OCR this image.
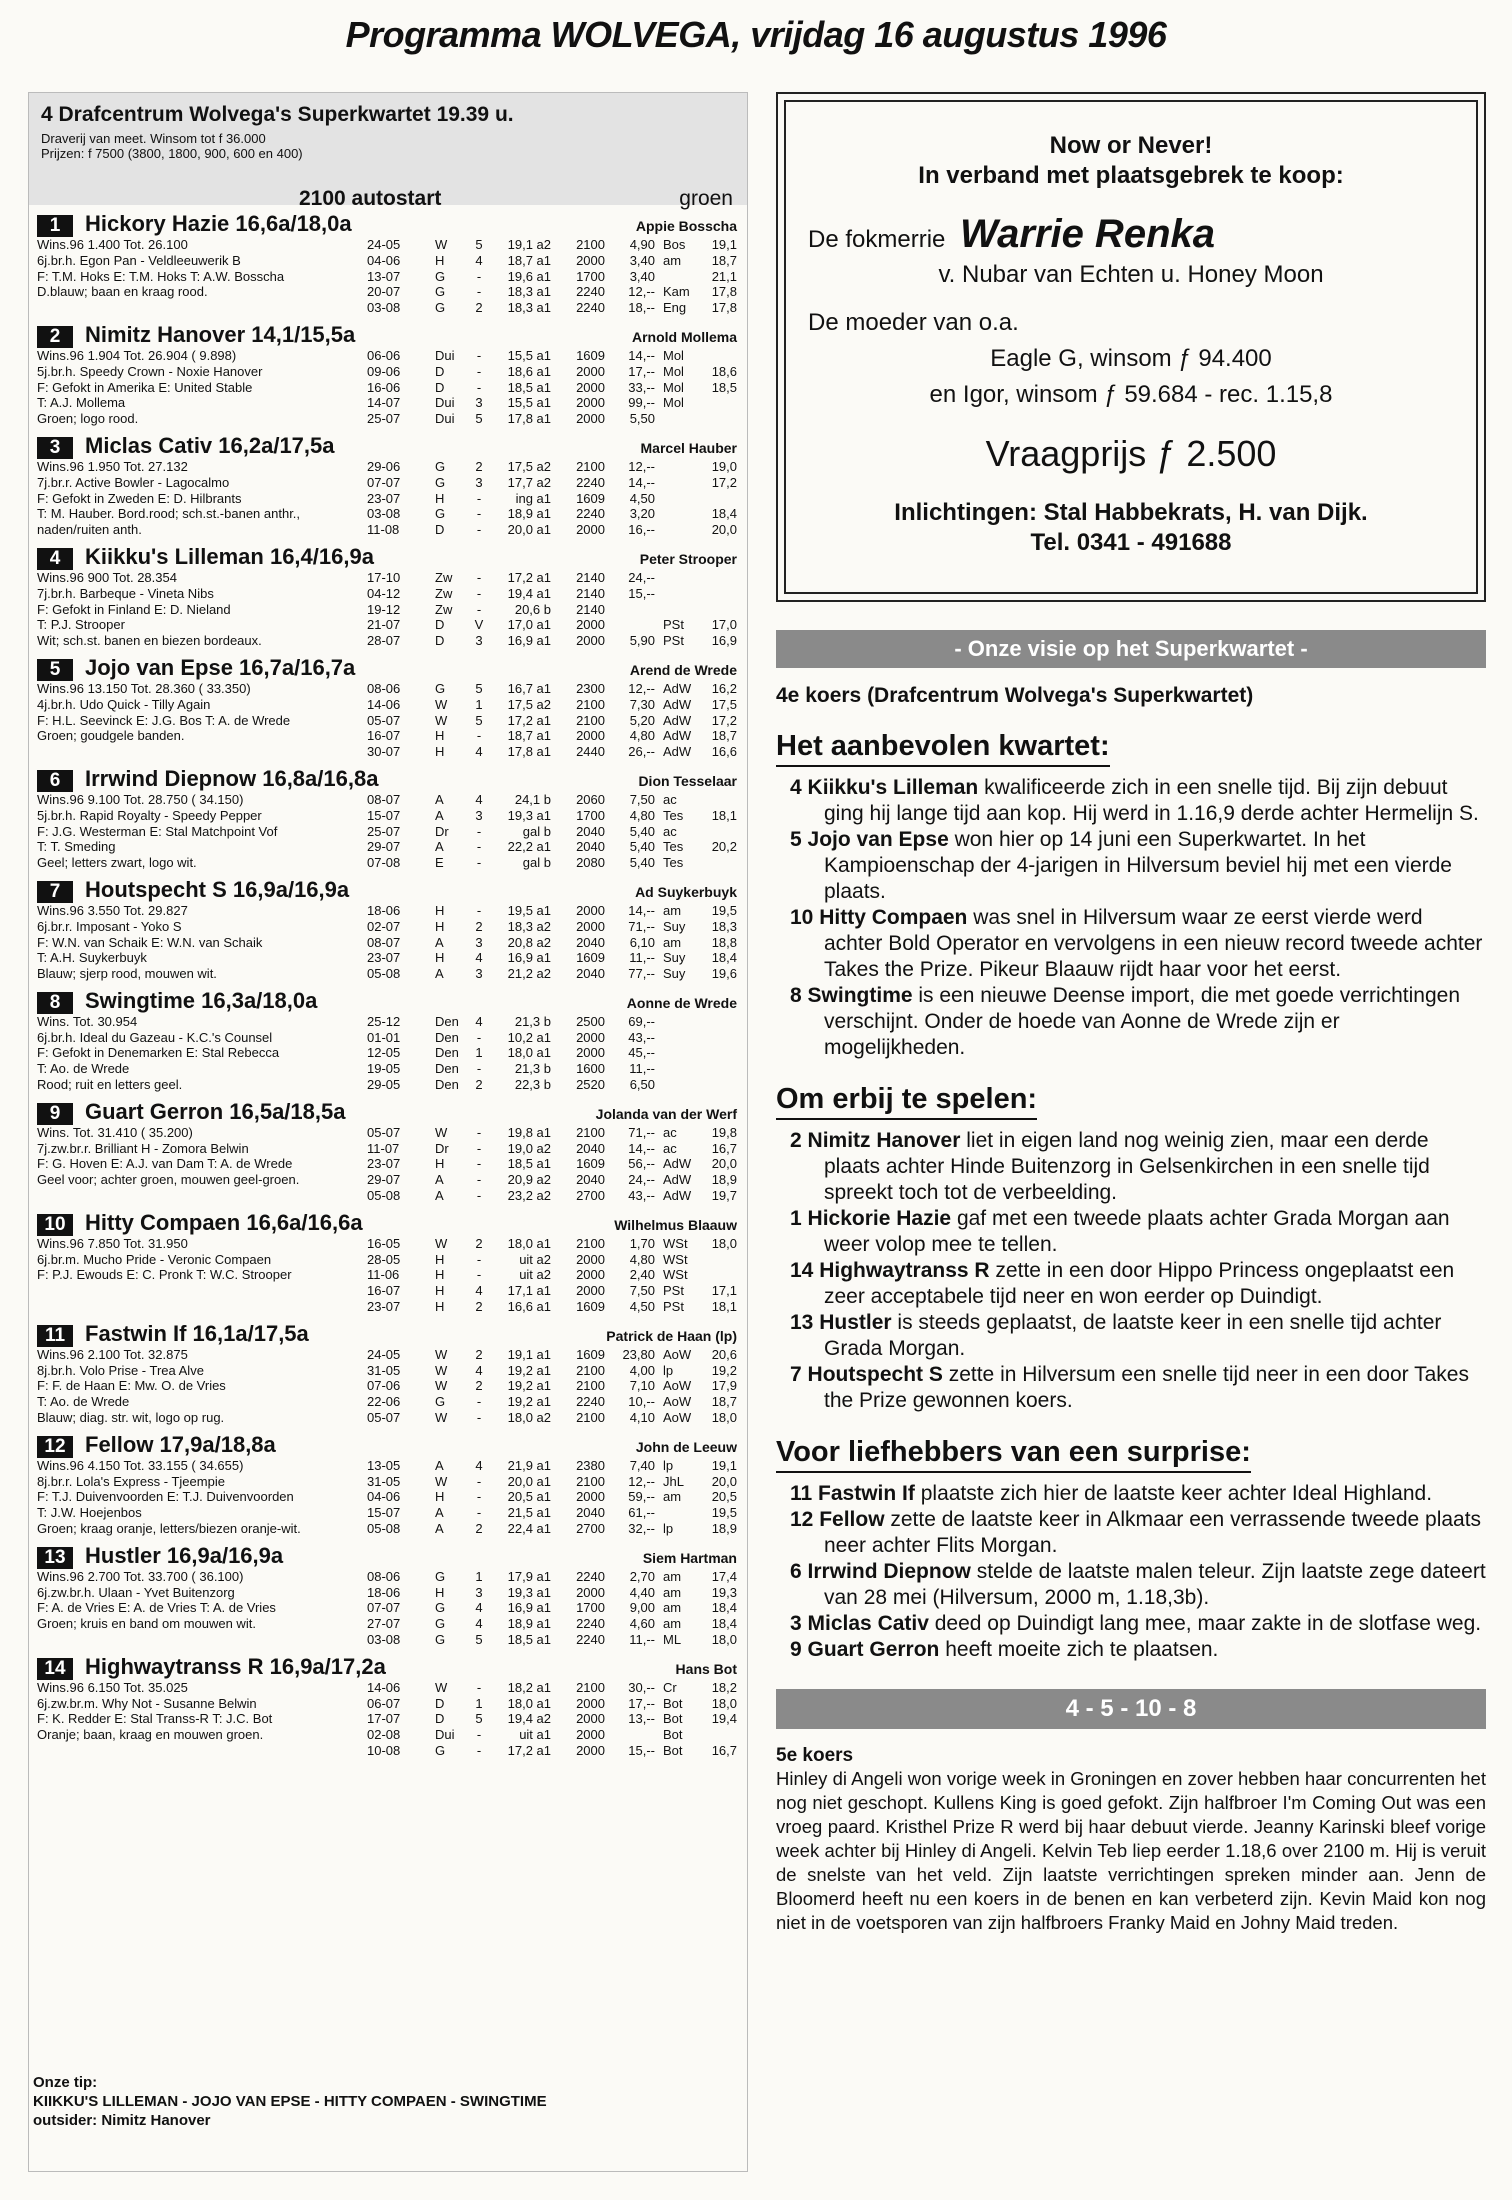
Programma WOLVEGA, vrijdag 16 augustus 1996
4 Drafcentrum Wolvega's Superkwartet 19.39 u.
Draverij van meet. Winsom tot f 36.000
Prijzen: f 7500 (3800, 1800, 900, 600 en 400)
2100 autostart	groen
1	Hickory Hazie 16,6a/18,0a	Appie Bosscha
Wins.96 1.400 Tot. 26.100
6j.br.h. Egon Pan - Veldleeuwerik B
F: T.M. Hoks E: T.M. Hoks T: A.W. Bosscha
D.blauw; baan en kraag rood.
24-05	W	5	19,1 a2	2100	4,90 Bos	19,1
04-06	H	4	18,7 a1	2000	3,40 am	18,7
13-07	G	-	19,6 a1	1700	3,40	21,1
20-07	G	-	18,3 a1	2240	12,-- Kam	17,8
03-08	G	2	18,3 a1	2240	18,-- Eng	17,8
2	Nimitz Hanover 14,1/15,5a	Arnold Mollema
Wins.96 1.904 Tot. 26.904 ( 9.898)
5j.br.h. Speedy Crown - Noxie Hanover
F: Gefokt in Amerika E: United Stable
T: A.J. Mollema
Groen; logo rood.
06-06	Dui	-	15,5 a1	1609	14,-- Mol
09-06	D	-	18,6 a1	2000	17,-- Mol	18,6
16-06	D	-	18,5 a1	2000	33,-- Mol	18,5
14-07	Dui	3	15,5 a1	2000	99,-- Mol
25-07	Dui	5	17,8 a1	2000	5,50
3	Miclas Cativ 16,2a/17,5a	Marcel Hauber
Wins.96 1.950 Tot. 27.132
7j.br.r. Active Bowler - Lagocalmo
F: Gefokt in Zweden E: D. Hilbrants
T: M. Hauber. Bord.rood; sch.st.-banen anthr.,
naden/ruiten anth.
29-06	G	2	17,5 a2	2100	12,--	19,0
07-07	G	3	17,7 a2	2240	14,--	17,2
23-07	H	-	ing a1	1609	4,50
03-08	G	-	18,9 a1	2240	3,20	18,4
11-08	D	-	20,0 a1	2000	16,--	20,0
4	Kiikku's Lilleman 16,4/16,9a	Peter Strooper
Wins.96 900 Tot. 28.354
7j.br.h. Barbeque - Vineta Nibs
F: Gefokt in Finland E: D. Nieland
T: P.J. Strooper
Wit; sch.st. banen en biezen bordeaux.
17-10	Zw	-	17,2 a1	2140	24,--
04-12	Zw	-	19,4 a1	2140	15,--
19-12	Zw	-	20,6 b	2140
21-07	D	V	17,0 a1	2000	PSt	17,0
28-07	D	3	16,9 a1	2000	5,90 PSt	16,9
5	Jojo van Epse 16,7a/16,7a	Arend de Wrede
Wins.96 13.150 Tot. 28.360 ( 33.350)
4j.br.h. Udo Quick - Tilly Again
F: H.L. Seevinck E: J.G. Bos T: A. de Wrede
Groen; goudgele banden.
08-06	G	5	16,7 a1	2300	12,-- AdW	16,2
14-06	W	1	17,5 a2	2100	7,30 AdW	17,5
05-07	W	5	17,2 a1	2100	5,20 AdW	17,2
16-07	H	-	18,7 a1	2000	4,80 AdW	18,7
30-07	H	4	17,8 a1	2440	26,-- AdW	16,6
6	Irrwind Diepnow 16,8a/16,8a	Dion Tesselaar
Wins.96 9.100 Tot. 28.750 ( 34.150)
5j.br.h. Rapid Royalty - Speedy Pepper
F: J.G. Westerman E: Stal Matchpoint Vof
T: T. Smeding
Geel; letters zwart, logo wit.
08-07	A	4	24,1 b	2060	7,50 ac
15-07	A	3	19,3 a1	1700	4,80 Tes	18,1
25-07	Dr	-	gal b	2040	5,40 ac
29-07	A	-	22,2 a1	2040	5,40 Tes	20,2
07-08	E	-	gal b	2080	5,40 Tes
7	Houtspecht S 16,9a/16,9a	Ad Suykerbuyk
Wins.96 3.550 Tot. 29.827
6j.br.r. Imposant - Yoko S
F: W.N. van Schaik E: W.N. van Schaik
T: A.H. Suykerbuyk
Blauw; sjerp rood, mouwen wit.
18-06	H	-	19,5 a1	2000	14,-- am	19,5
02-07	H	2	18,3 a2	2000	71,-- Suy	18,3
08-07	A	3	20,8 a2	2040	6,10 am	18,8
23-07	H	4	16,9 a1	1609	11,-- Suy	18,4
05-08	A	3	21,2 a2	2040	77,-- Suy	19,6
8	Swingtime 16,3a/18,0a	Aonne de Wrede
Wins. Tot. 30.954
6j.br.h. Ideal du Gazeau - K.C.'s Counsel
F: Gefokt in Denemarken E: Stal Rebecca
T: Ao. de Wrede
Rood; ruit en letters geel.
25-12	Den	4	21,3 b	2500	69,--
01-01	Den	-	10,2 a1	2000	43,--
12-05	Den	1	18,0 a1	2000	45,--
19-05	Den	-	21,3 b	1600	11,--
29-05	Den	2	22,3 b	2520	6,50
9	Guart Gerron 16,5a/18,5a	Jolanda van der Werf
Wins. Tot. 31.410 ( 35.200)
7j.zw.br.r. Brilliant H - Zomora Belwin
F: G. Hoven E: A.J. van Dam T: A. de Wrede
Geel voor; achter groen, mouwen geel-groen.
05-07	W	-	19,8 a1	2100	71,-- ac	19,8
11-07	Dr	-	19,0 a2	2040	14,-- ac	16,7
23-07	H	-	18,5 a1	1609	56,-- AdW	20,0
29-07	A	-	20,9 a2	2040	24,-- AdW	18,9
05-08	A	-	23,2 a2	2700	43,-- AdW	19,7
10 Hitty Compaen 16,6a/16,6a	Wilhelmus Blaauw
Wins.96 7.850 Tot. 31.950
6j.br.m. Mucho Pride - Veronic Compaen
F: P.J. Ewouds E: C. Pronk T: W.C. Strooper
16-05	W	2	18,0 a1	2100	1,70 WSt	18,0
28-05	H	-	uit a2	2000	4,80 WSt
11-06	H	-	uit a2	2000	2,40 WSt
16-07	H	4	17,1 a1	2000	7,50 PSt	17,1
23-07	H	2	16,6 a1	1609	4,50 PSt	18,1
11 Fastwin If 16,1a/17,5a	Patrick de Haan (lp)
Wins.96 2.100 Tot. 32.875
8j.br.h. Volo Prise - Trea Alve
F: F. de Haan E: Mw. O. de Vries
T: Ao. de Wrede
Blauw; diag. str. wit, logo op rug.
24-05	W	2	19,1 a1	1609	23,80 AoW	20,6
31-05	W	4	19,2 a1	2100	4,00 lp	19,2
07-06	W	2	19,2 a1	2100	7,10 AoW	17,9
22-06	G	-	19,2 a1	2240	10,-- AoW	18,7
05-07	W	-	18,0 a2	2100	4,10 AoW	18,0
12 Fellow 17,9a/18,8a	John de Leeuw
Wins.96 4.150 Tot. 33.155 ( 34.655)
8j.br.r. Lola's Express - Tjeempie
F: T.J. Duivenvoorden E: T.J. Duivenvoorden
T: J.W. Hoejenbos
Groen; kraag oranje, letters/biezen oranje-wit.
13-05	A	4	21,9 a1	2380	7,40 lp	19,1
31-05	W	-	20,0 a1	2100	12,-- JhL	20,0
04-06	H	-	20,5 a1	2000	59,-- am	20,5
15-07	A	-	21,5 a1	2040	61,--	19,5
05-08	A	2	22,4 a1	2700	32,-- lp	18,9
13 Hustler 16,9a/16,9a	Siem Hartman
Wins.96 2.700 Tot. 33.700 ( 36.100)
6j.zw.br.h. Ulaan - Yvet Buitenzorg
F: A. de Vries E: A. de Vries T: A. de Vries
Groen; kruis en band om mouwen wit.
08-06	G	1	17,9 a1	2240	2,70 am	17,4
18-06	H	3	19,3 a1	2000	4,40 am	19,3
07-07	G	4	16,9 a1	1700	9,00 am	18,4
27-07	G	4	18,9 a1	2240	4,60 am	18,4
03-08	G	5	18,5 a1	2240	11,-- ML	18,0
14 Highwaytranss R 16,9a/17,2a	Hans Bot
Wins.96 6.150 Tot. 35.025
6j.zw.br.m. Why Not - Susanne Belwin
F: K. Redder E: Stal Transs-R T: J.C. Bot
Oranje; baan, kraag en mouwen groen.
14-06	W	-	18,2 a1	2100	30,-- Cr	18,2
06-07	D	1	18,0 a1	2000	17,-- Bot	18,0
17-07	D	5	19,4 a2	2000	13,-- Bot	19,4
02-08	Dui	-	uit a1	2000	Bot
10-08	G	-	17,2 a1	2000	15,-- Bot	16,7
Onze tip:
KIIKKU'S LILLEMAN - JOJO VAN EPSE - HITTY COMPAEN - SWINGTIME
outsider: Nimitz Hanover
Now or Never!
In verband met plaatsgebrek te koop:
De fokmerrie Warrie Renka
v. Nubar van Echten u. Honey Moon
De moeder van o.a.
Eagle G, winsom ƒ 94.400
en Igor, winsom ƒ 59.684 - rec. 1.15,8
Vraagprijs ƒ 2.500
Inlichtingen: Stal Habbekrats, H. van Dijk.
Tel. 0341 - 491688
- Onze visie op het Superkwartet -
4e koers (Drafcentrum Wolvega's Superkwartet)
Het aanbevolen kwartet:
4 Kiikku's Lilleman kwalificeerde zich in een snelle tijd. Bij zijn debuut ging hij lange tijd aan kop. Hij werd in 1.16,9 derde achter Hermelijn S.
5 Jojo van Epse won hier op 14 juni een Superkwartet. In het Kampioenschap der 4-jarigen in Hilversum beviel hij met een vierde plaats.
10 Hitty Compaen was snel in Hilversum waar ze eerst vierde werd achter Bold Operator en vervolgens in een nieuw record tweede achter Takes the Prize. Pikeur Blaauw rijdt haar voor het eerst.
8 Swingtime is een nieuwe Deense import, die met goede verrichtingen verschijnt. Onder de hoede van Aonne de Wrede zijn er mogelijkheden.
Om erbij te spelen:
2 Nimitz Hanover liet in eigen land nog weinig zien, maar een derde plaats achter Hinde Buitenzorg in Gelsenkirchen in een snelle tijd spreekt toch tot de verbeelding.
1 Hickorie Hazie gaf met een tweede plaats achter Grada Morgan aan weer volop mee te tellen.
14 Highwaytranss R zette in een door Hippo Princess ongeplaatst een zeer acceptabele tijd neer en won eerder op Duindigt.
13 Hustler is steeds geplaatst, de laatste keer in een snelle tijd achter Grada Morgan.
7 Houtspecht S zette in Hilversum een snelle tijd neer in een door Takes the Prize gewonnen koers.
Voor liefhebbers van een surprise:
11 Fastwin If plaatste zich hier de laatste keer achter Ideal Highland.
12 Fellow zette de laatste keer in Alkmaar een verrassende tweede plaats neer achter Flits Morgan.
6 Irrwind Diepnow stelde de laatste malen teleur. Zijn laatste zege dateert van 28 mei (Hilversum, 2000 m, 1.18,3b).
3 Miclas Cativ deed op Duindigt lang mee, maar zakte in de slotfase weg.
9 Guart Gerron heeft moeite zich te plaatsen.
4 - 5 - 10 - 8
5e koers
Hinley di Angeli won vorige week in Groningen en zover hebben haar concurrenten het nog niet geschopt. Kullens King is goed gefokt. Zijn halfbroer I'm Coming Out was een vroeg paard. Kristhel Prize R werd bij haar debuut vierde. Jeanny Karinski bleef vorige week achter bij Hinley di Angeli. Kelvin Teb liep eerder 1.18,6 over 2100 m. Hij is veruit de snelste van het veld. Zijn laatste verrichtingen spreken minder aan. Jenn de Bloomerd heeft nu een koers in de benen en kan verbeterd zijn. Kevin Maid kon nog niet in de voetsporen van zijn halfbroers Franky Maid en Johny Maid treden.
